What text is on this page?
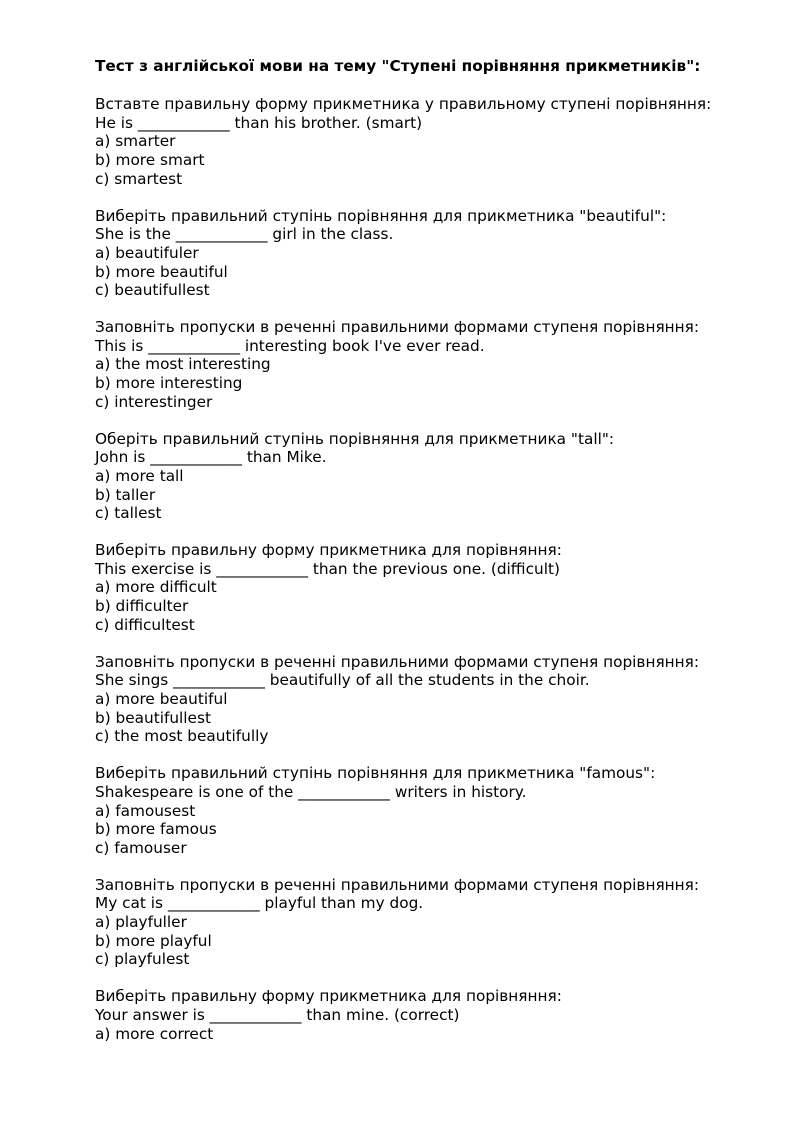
Тест з англійської мови на тему "Ступені порівняння прикметників":
Вставте правильну форму прикметника у правильному ступені порівняння:
He is ____________ than his brother. (smart)
a) smarter
b) more smart
c) smartest
Виберіть правильний ступінь порівняння для прикметника "beautiful":
She is the ____________ girl in the class.
a) beautifuler
b) more beautiful
c) beautifullest
Заповніть пропуски в реченні правильними формами ступеня порівняння:
This is ____________ interesting book I've ever read.
a) the most interesting
b) more interesting
c) interestinger
Оберіть правильний ступінь порівняння для прикметника "tall":
John is ____________ than Mike.
a) more tall
b) taller
c) tallest
Виберіть правильну форму прикметника для порівняння:
This exercise is ____________ than the previous one. (difficult)
a) more difficult
b) difficulter
c) difficultest
Заповніть пропуски в реченні правильними формами ступеня порівняння:
She sings ____________ beautifully of all the students in the choir.
a) more beautiful
b) beautifullest
c) the most beautifully
Виберіть правильний ступінь порівняння для прикметника "famous":
Shakespeare is one of the ____________ writers in history.
a) famousest
b) more famous
c) famouser
Заповніть пропуски в реченні правильними формами ступеня порівняння:
My cat is ____________ playful than my dog.
a) playfuller
b) more playful
c) playfulest
Виберіть правильну форму прикметника для порівняння:
Your answer is ____________ than mine. (correct)
a) more correct
